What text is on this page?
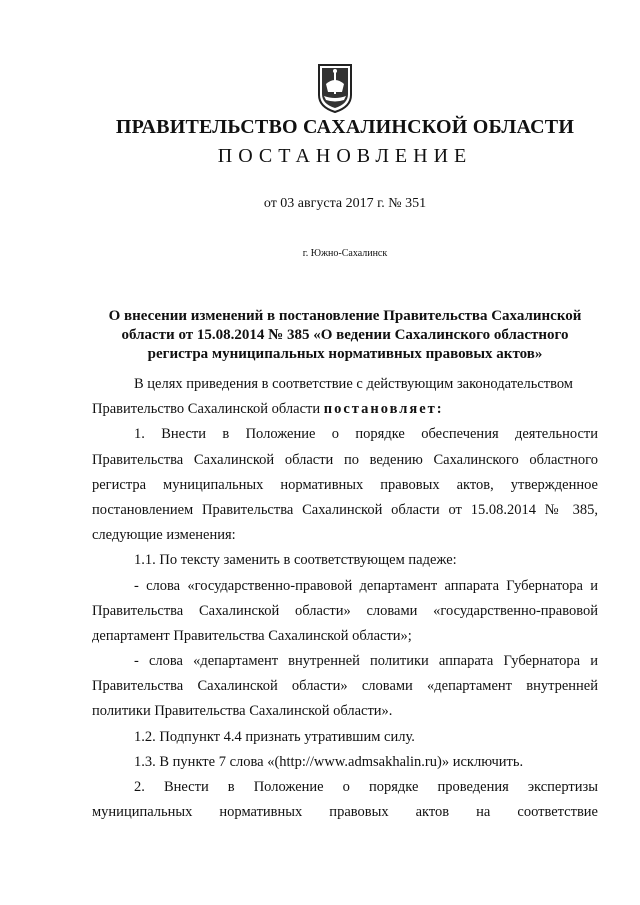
ПРАВИТЕЛЬСТВО САХАЛИНСКОЙ ОБЛАСТИ
ПОСТАНОВЛЕНИЕ
от 03 августа 2017 г. № 351
г. Южно-Сахалинск
О внесении изменений в постановление Правительства Сахалинской
области от 15.08.2014 № 385 «О ведении Сахалинского областного
регистра муниципальных нормативных правовых актов»
В целях приведения в соответствие с действующим законодательством
Правительство Сахалинской области постановляет:
1. Внести в Положение о порядке обеспечения деятельности
Правительства Сахалинской области по ведению Сахалинского областного
регистра муниципальных нормативных правовых актов, утвержденное
постановлением Правительства Сахалинской области от 15.08.2014 № 385,
следующие изменения:
1.1. По тексту заменить в соответствующем падеже:
- слова «государственно-правовой департамент аппарата Губернатора и
Правительства Сахалинской области» словами «государственно-правовой
департамент Правительства Сахалинской области»;
- слова «департамент внутренней политики аппарата Губернатора и
Правительства Сахалинской области» словами «департамент внутренней
политики Правительства Сахалинской области».
1.2. Подпункт 4.4 признать утратившим силу.
1.3. В пункте 7 слова «(http://www.admsakhalin.ru)» исключить.
2. Внести в Положение о порядке проведения экспертизы
муниципальных нормативных правовых актов на соответствие
